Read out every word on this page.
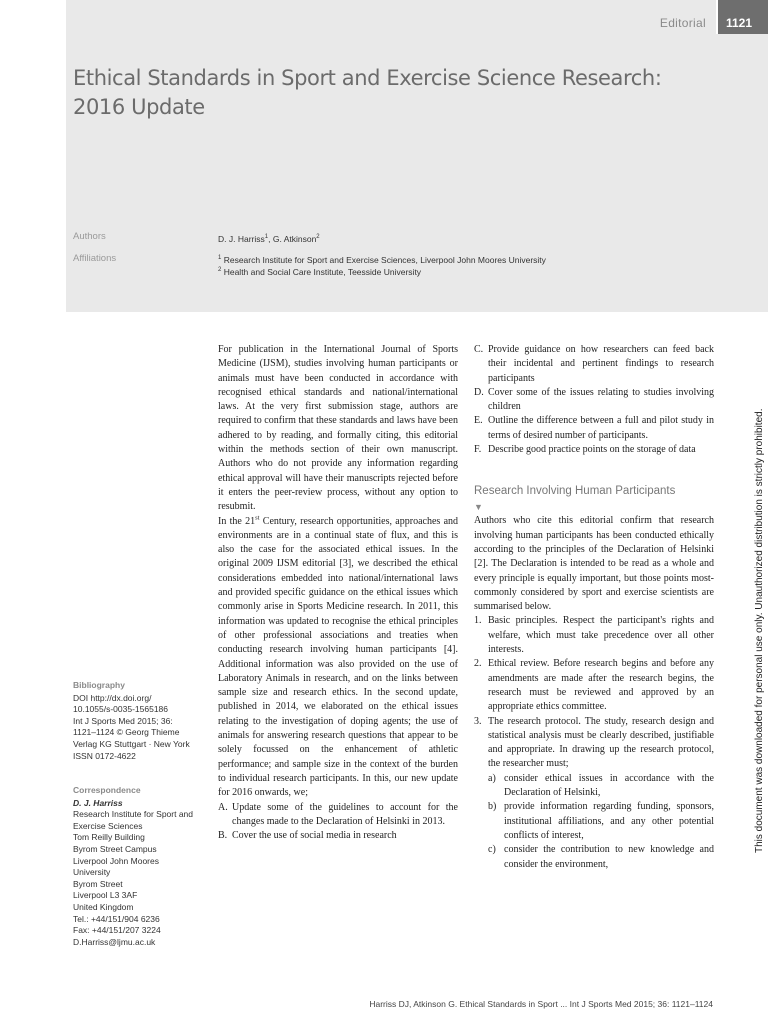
Editorial	1121
Ethical Standards in Sport and Exercise Science Research: 2016 Update
Authors	D. J. Harriss$^1$, G. Atkinson$^2$
Affiliations	$^1$ Research Institute for Sport and Exercise Sciences, Liverpool John Moores University
$^2$ Health and Social Care Institute, Teesside University
This document was downloaded for personal use only. Unauthorized distribution is strictly prohibited.
Bibliography
DOI http://dx.doi.org/
10.1055/s-0035-1565186
Int J Sports Med 2015; 36:
1121–1124 © Georg Thieme
Verlag KG Stuttgart · New York
ISSN 0172-4622
Correspondence
D. J. Harriss
Research Institute for Sport and
Exercise Sciences
Tom Reilly Building
Byrom Street Campus
Liverpool John Moores
University
Byrom Street
Liverpool L3 3AF
United Kingdom
Tel.: +44/151/904 6236
Fax: +44/151/207 3224
D.Harriss@ljmu.ac.uk

For publication in the International Journal of Sports Medicine (IJSM), studies involving human participants or animals must have been conducted in accordance with recognised ethical standards and national/international laws. At the very first submission stage, authors are required to confirm that these standards and laws have been adhered to by reading, and formally citing, this editorial within the methods section of their own manuscript. Authors who do not provide any information regarding ethical approval will have their manuscripts rejected before it enters the peer-review process, without any option to resubmit.

In the 21st Century, research opportunities, approaches and environments are in a continual state of flux, and this is also the case for the associated ethical issues. In the original 2009 IJSM editorial [3], we described the ethical considerations embedded into national/international laws and provided specific guidance on the ethical issues which commonly arise in Sports Medicine research. In 2011, this information was updated to recognise the ethical principles of other professional associations and treaties when conducting research involving human participants [4]. Additional information was also provided on the use of Laboratory Animals in research, and on the links between sample size and research ethics. In the second update, published in 2014, we elaborated on the ethical issues relating to the investigation of doping agents; the use of animals for answering research questions that appear to be solely focussed on the enhancement of athletic performance; and sample size in the context of the burden to individual research participants. In this, our new update for 2016 onwards, we;

A. Update some of the guidelines to account for the changes made to the Declaration of Helsinki in 2013.
B. Cover the use of social media in research
C. Provide guidance on how researchers can feed back their incidental and pertinent findings to research participants
D. Cover some of the issues relating to studies involving children
E. Outline the difference between a full and pilot study in terms of desired number of participants.
F. Describe good practice points on the storage of data
Research Involving Human Participants
▼

Authors who cite this editorial confirm that research involving human participants has been conducted ethically according to the principles of the Declaration of Helsinki [2]. The Declaration is intended to be read as a whole and every principle is equally important, but those points most-commonly considered by sport and exercise scientists are summarised below.

1. Basic principles. Respect the participant's rights and welfare, which must take precedence over all other interests.
2. Ethical review. Before research begins and before any amendments are made after the research begins, the research must be reviewed and approved by an appropriate ethics committee.
3. The research protocol. The study, research design and statistical analysis must be clearly described, justifiable and appropriate. In drawing up the research protocol, the researcher must;
a) consider ethical issues in accordance with the Declaration of Helsinki,
b) provide information regarding funding, sponsors, institutional affiliations, and any other potential conflicts of interest,
c) consider the contribution to new knowledge and consider the environment,
Harriss DJ, Atkinson G. Ethical Standards in Sport ... Int J Sports Med 2015; 36: 1121–1124
